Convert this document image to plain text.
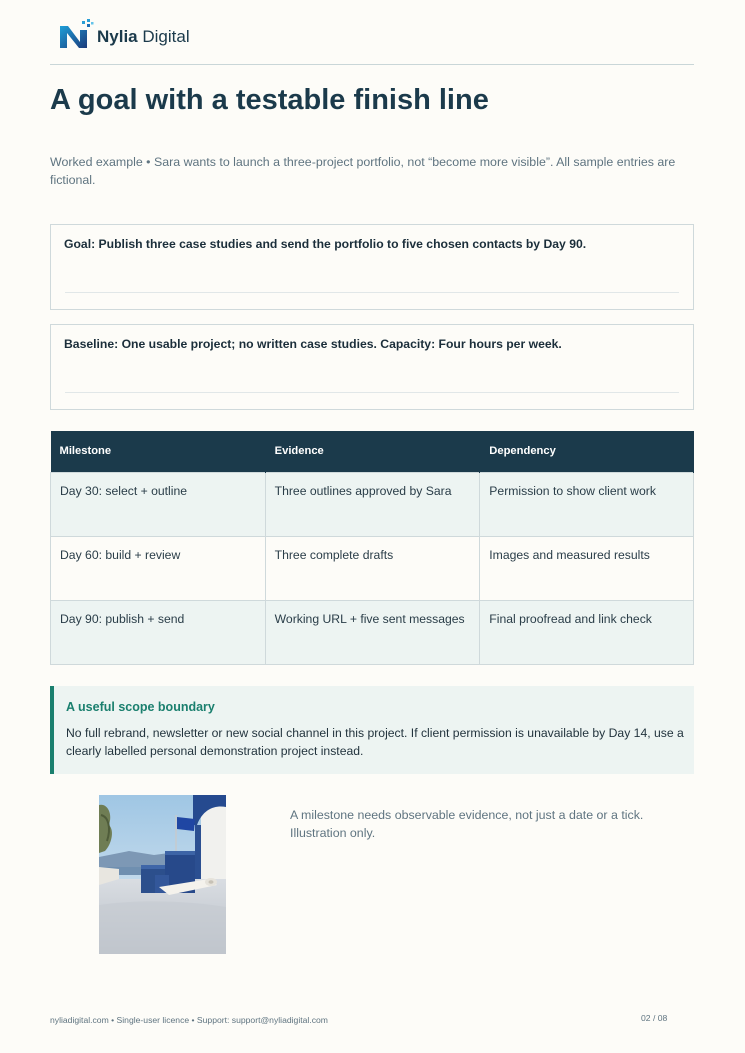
Nylia Digital
A goal with a testable finish line

Worked example • Sara wants to launch a three-project portfolio, not “become more visible”. All sample entries are fictional.

Goal: Publish three case studies and send the portfolio to five chosen contacts by Day 90.
Baseline: One usable project; no written case studies. Capacity: Four hours per week.
Milestone	Evidence	Dependency
Day 30: select + outline	Three outlines approved by Sara	Permission to show client work
Day 60: build + review	Three complete drafts	Images and measured results
Day 90: publish + send	Working URL + five sent messages	Final proofread and link check
A useful scope boundary
No full rebrand, newsletter or new social channel in this project. If client permission is unavailable by Day 14, use a clearly labelled personal demonstration project instead.

A milestone needs observable evidence, not just a date or a tick. Illustration only.

nyliadigital.com • Single-user licence • Support: support@nyliadigital.com	02 / 08
